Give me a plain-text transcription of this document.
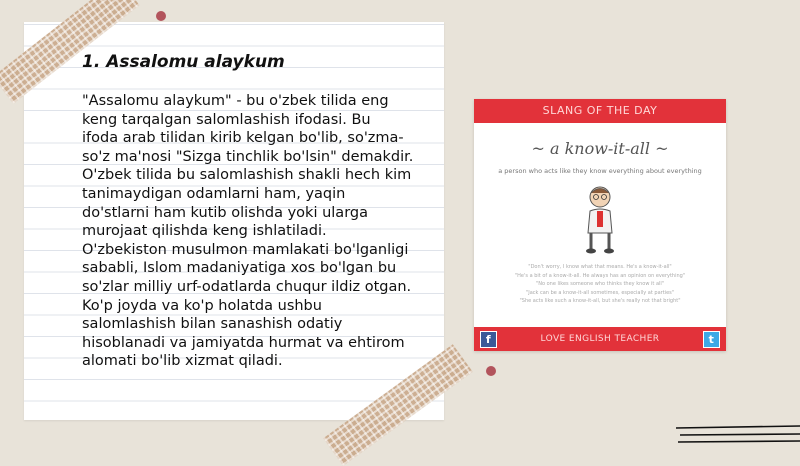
1. Assalomu alaykum
"Assalomu alaykum" - bu o'zbek tilida eng
keng tarqalgan salomlashish ifodasi. Bu
ifoda arab tilidan kirib kelgan bo'lib, so'zma-
so'z ma'nosi "Sizga tinchlik bo'lsin" demakdir.
O'zbek tilida bu salomlashish shakli hech kim
tanimaydigan odamlarni ham, yaqin
do'stlarni ham kutib olishda yoki ularga
murojaat qilishda keng ishlatiladi.
O'zbekiston musulmon mamlakati bo'lganligi
sababli, Islom madaniyatiga xos bo'lgan bu
so'zlar milliy urf-odatlarda chuqur ildiz otgan.
Ko'p joyda va ko'p holatda ushbu
salomlashish bilan sanashish odatiy
hisoblanadi va jamiyatda hurmat va ehtirom
alomati bo'lib xizmat qiladi.
SLANG OF THE DAY
~ a know-it-all ~
a person who acts like they know everything about everything
"Don't worry, I know what that means. He's a know-it-all"
"He's a bit of a know-it-all. He always has an opinion on everything"
"No one likes someone who thinks they know it all"
"Jack can be a know-it-all sometimes, especially at parties"
"She acts like such a know-it-all, but she's really not that bright"
f	LOVE ENGLISH TEACHER	t
